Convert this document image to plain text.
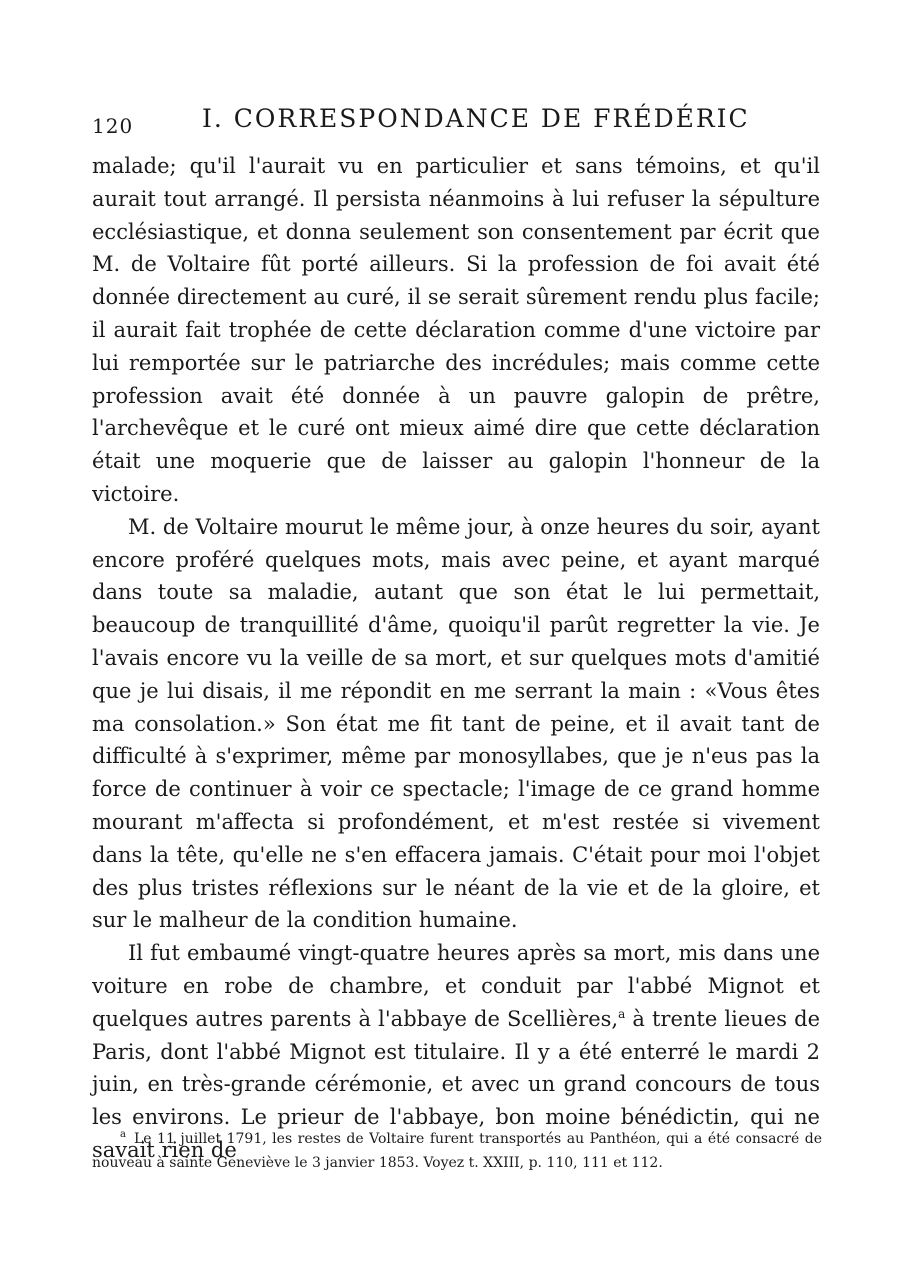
120	I. CORRESPONDANCE DE FRÉDÉRIC

malade; qu'il l'aurait vu en particulier et sans témoins, et qu'il aurait tout arrangé. Il persista néanmoins à lui refuser la sépulture ecclésiastique, et donna seulement son consentement par écrit que M. de Voltaire fût porté ailleurs. Si la profession de foi avait été donnée directement au curé, il se serait sûrement rendu plus facile; il aurait fait trophée de cette déclaration comme d'une victoire par lui remportée sur le patriarche des incrédules; mais comme cette profession avait été donnée à un pauvre galopin de prêtre, l'archevêque et le curé ont mieux aimé dire que cette déclaration était une moquerie que de laisser au galopin l'honneur de la victoire.

M. de Voltaire mourut le même jour, à onze heures du soir, ayant encore proféré quelques mots, mais avec peine, et ayant marqué dans toute sa maladie, autant que son état le lui permettait, beaucoup de tranquillité d'âme, quoiqu'il parût regretter la vie. Je l'avais encore vu la veille de sa mort, et sur quelques mots d'amitié que je lui disais, il me répondit en me serrant la main : «Vous êtes ma consolation.» Son état me fit tant de peine, et il avait tant de difficulté à s'exprimer, même par monosyllabes, que je n'eus pas la force de continuer à voir ce spectacle; l'image de ce grand homme mourant m'affecta si profondément, et m'est restée si vivement dans la tête, qu'elle ne s'en effacera jamais. C'était pour moi l'objet des plus tristes réflexions sur le néant de la vie et de la gloire, et sur le malheur de la condition humaine.

Il fut embaumé vingt-quatre heures après sa mort, mis dans une voiture en robe de chambre, et conduit par l'abbé Mignot et quelques autres parents à l'abbaye de Scellières,$^a$ à trente lieues de Paris, dont l'abbé Mignot est titulaire. Il y a été enterré le mardi 2 juin, en très-grande cérémonie, et avec un grand concours de tous les environs. Le prieur de l'abbaye, bon moine bénédictin, qui ne savait rien de

$^a$ Le 11 juillet 1791, les restes de Voltaire furent transportés au Panthéon, qui a été consacré de nouveau à sainte Geneviève le 3 janvier 1853. Voyez t. XXIII, p. 110, 111 et 112.
